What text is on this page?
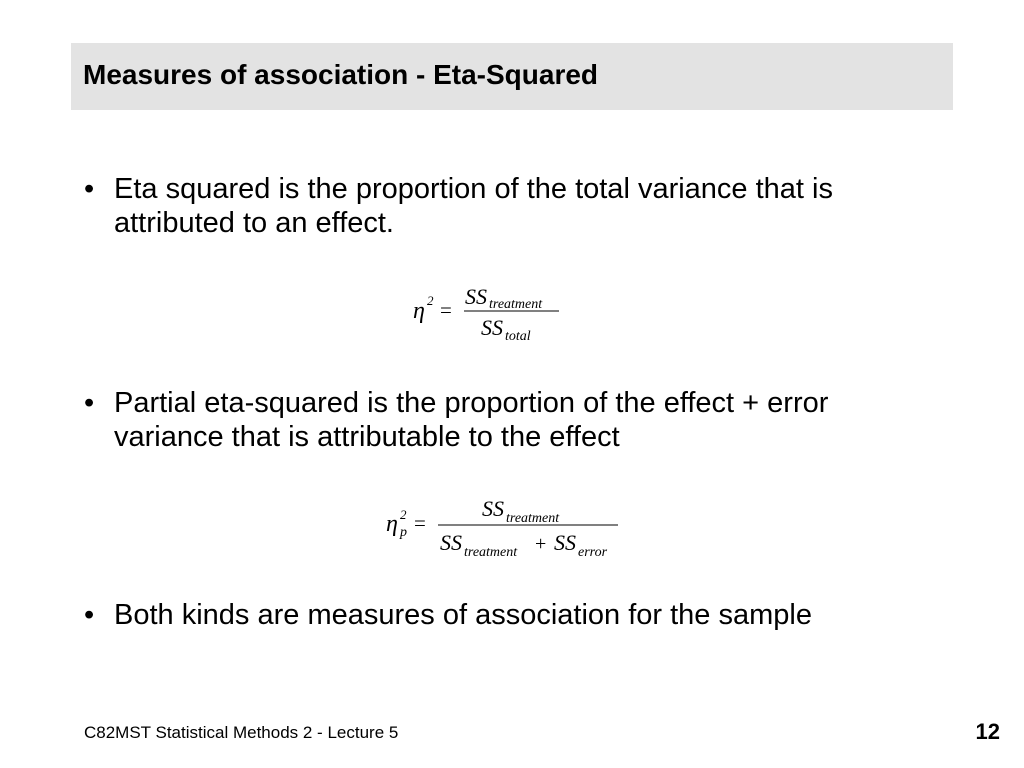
Measures of association - Eta-Squared
• Eta squared is the proportion of the total variance that is attributed to an effect.
η 2 =
SS treatment
SS total
• Partial eta-squared is the proportion of the effect + error variance that is attributable to the effect
η 2
p =
SS treatment
SS treatment + SS error
• Both kinds are measures of association for the sample
C82MST Statistical Methods 2 - Lecture 5	12
